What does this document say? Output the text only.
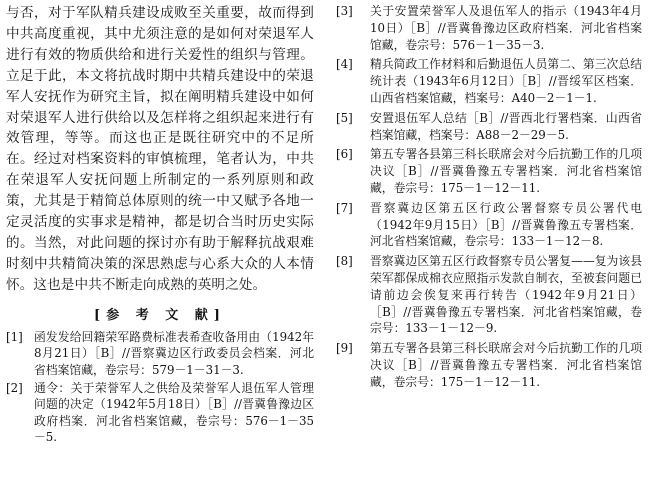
与否，对于军队精兵建设成败至关重要，故而得到中共高度重视，其中尤须注意的是如何对荣退军人进行有效的物质供给和进行关爱性的组织与管理。立足于此，本文将抗战时期中共精兵建设中的荣退军人安抚作为研究主旨，拟在阐明精兵建设中如何对荣退军人进行供给以及怎样将之组织起来进行有效管理，等等。而这也正是既往研究中的不足所在。经过对档案资料的审慎梳理，笔者认为，中共在荣退军人安抚问题上所制定的一系列原则和政策，尤其是于精简总体原则的统一中又赋予各地一定灵活度的实事求是精神，都是切合当时历史实际的。当然，对此问题的探讨亦有助于解释抗战艰难时刻中共精简决策的深思熟虑与心系大众的人本情怀。这也是中共不断走向成熟的英明之处。

[参 考 文 献]
[1] 函发发给回籍荣军路费标准表希查收备用由（1942年8月21日）［B］//晋察冀边区行政委员会档案．河北省档案馆藏，卷宗号：579－1－31－3.
[2] 通令：关于荣誉军人之供给及荣誉军人退伍军人管理问题的决定（1942年5月18日）［B］//晋冀鲁豫边区政府档案．河北省档案馆藏，卷宗号：576－1－35－5.
[3]	关于安置荣誉军人及退伍军人的指示（1943年4月10日）［B］//晋冀鲁豫边区政府档案．河北省档案馆藏，卷宗号：576－1－35－3.
[4]	精兵简政工作材料和后勤退伍人员第二、第三次总结统计表（1943年6月12日）［B］//晋绥军区档案．山西省档案馆藏，档案号：A40－2－1－1.
[5]	安置退伍军人总结［B］//晋西北行署档案．山西省档案馆藏，档案号：A88－2－29－5.
[6]	第五专署各县第三科长联席会对今后抗勤工作的几项决议［B］//晋冀鲁豫五专署档案．河北省档案馆藏，卷宗号：175－1－12－11.
[7]	晋察冀边区第五区行政公署督察专员公署代电（1942年9月15日）［B］//晋冀鲁豫五专署档案．河北省档案馆藏，卷宗号：133－1－12－8.
[8]	晋察冀边区第五区行政督察专员公署复——复为该县荣军都保成棉衣应照指示发款自制衣，至被套问题已请前边会俟复来再行转告（1942年9月21日）［B］//晋冀鲁豫五专署档案．河北省档案馆藏，卷宗号：133－1－12－9.
[9]	第五专署各县第三科长联席会对今后抗勤工作的几项决议［B］//晋冀鲁豫五专署档案．河北省档案馆藏，卷宗号：175－1－12－11.
